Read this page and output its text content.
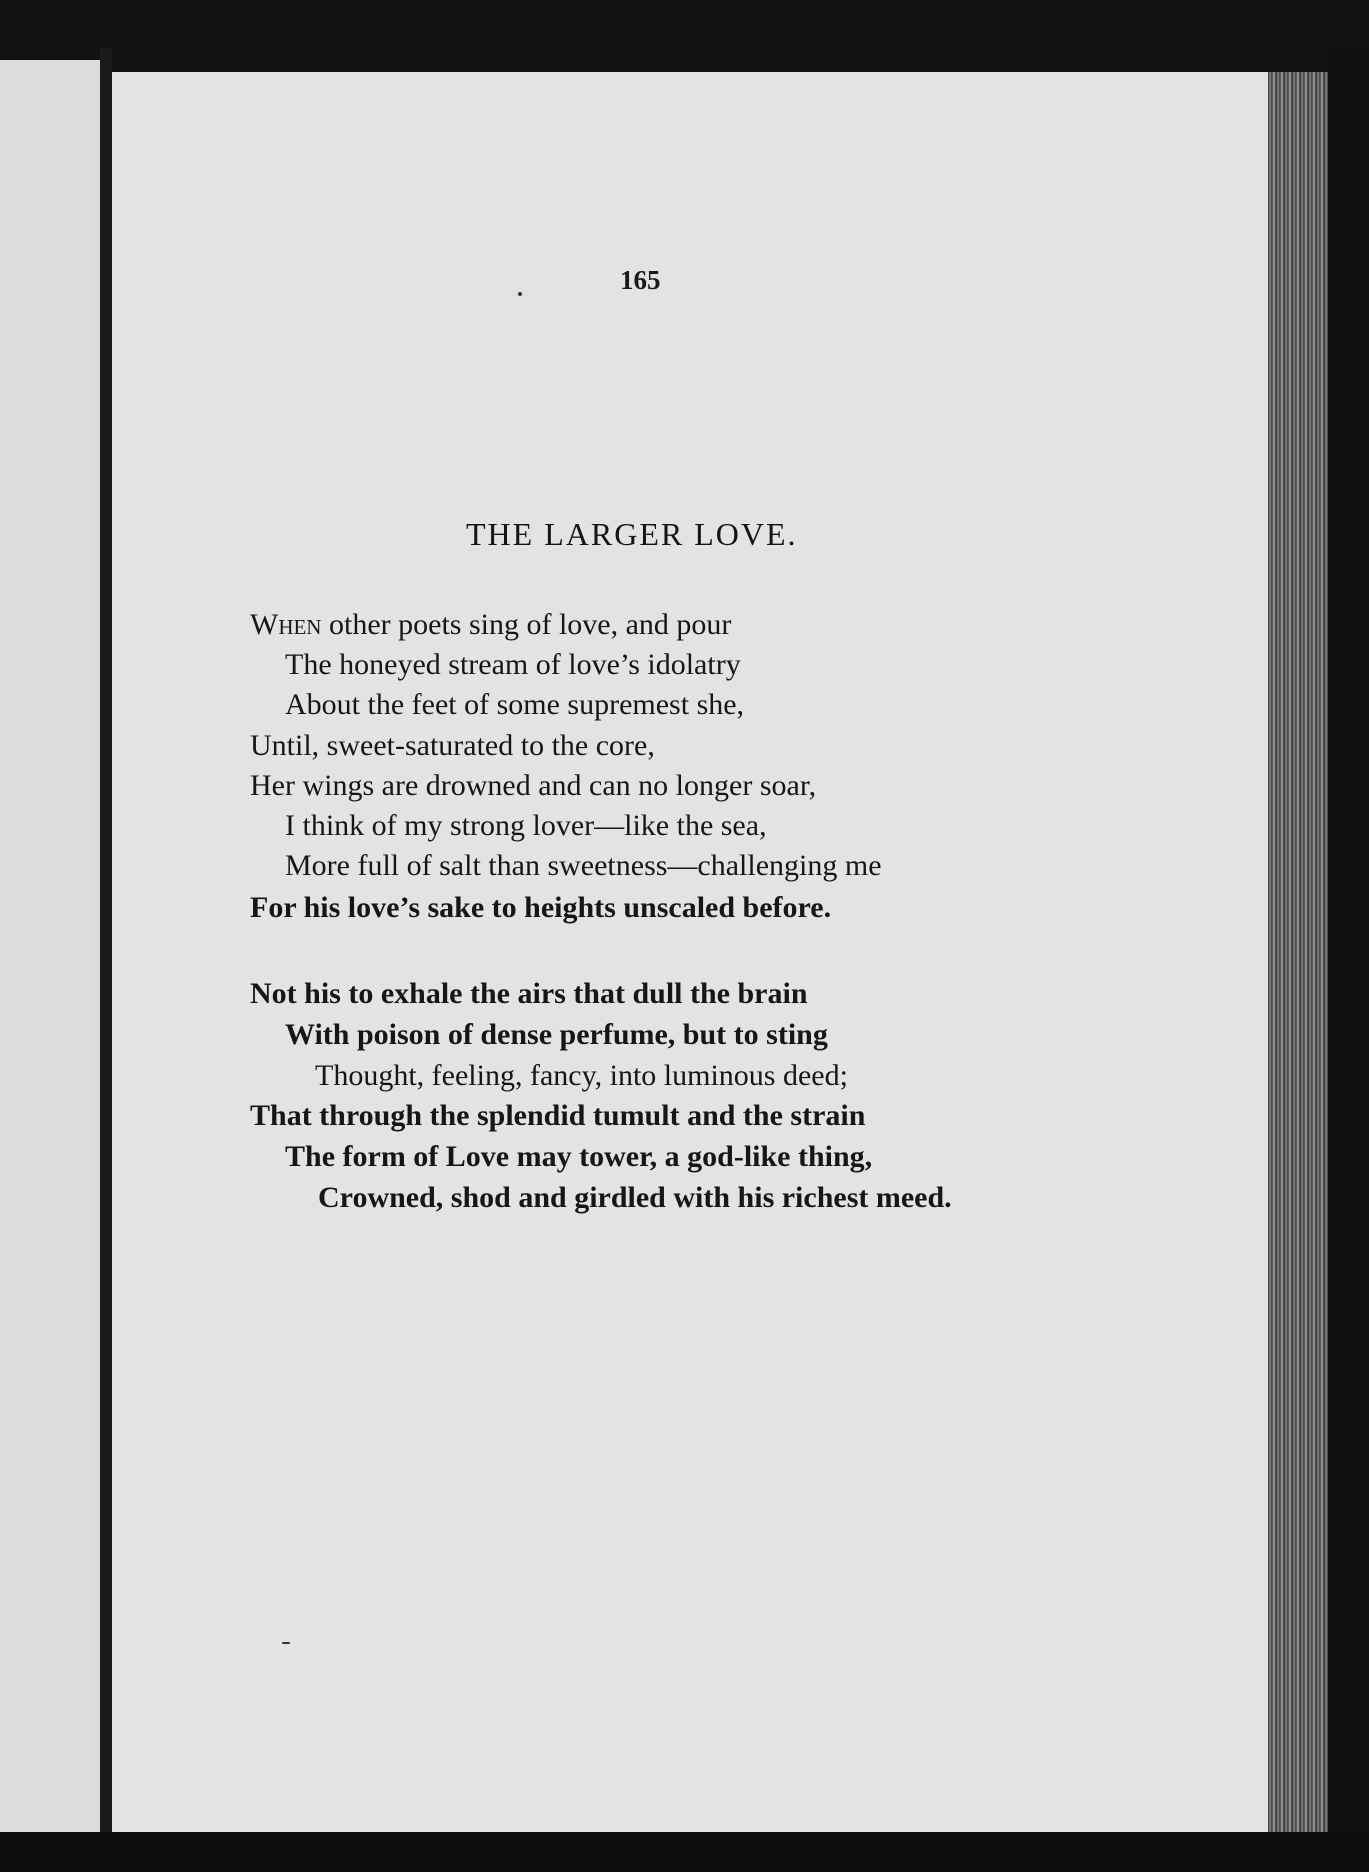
165
THE LARGER LOVE.
When other poets sing of love, and pour
The honeyed stream of love’s idolatry
About the feet of some supremest she,
Until, sweet-saturated to the core,
Her wings are drowned and can no longer soar,
I think of my strong lover—like the sea,
More full of salt than sweetness—challenging me
For his love’s sake to heights unscaled before.
Not his to exhale the airs that dull the brain
With poison of dense perfume, but to sting
Thought, feeling, fancy, into luminous deed;
That through the splendid tumult and the strain
The form of Love may tower, a god-like thing,
Crowned, shod and girdled with his richest meed.
